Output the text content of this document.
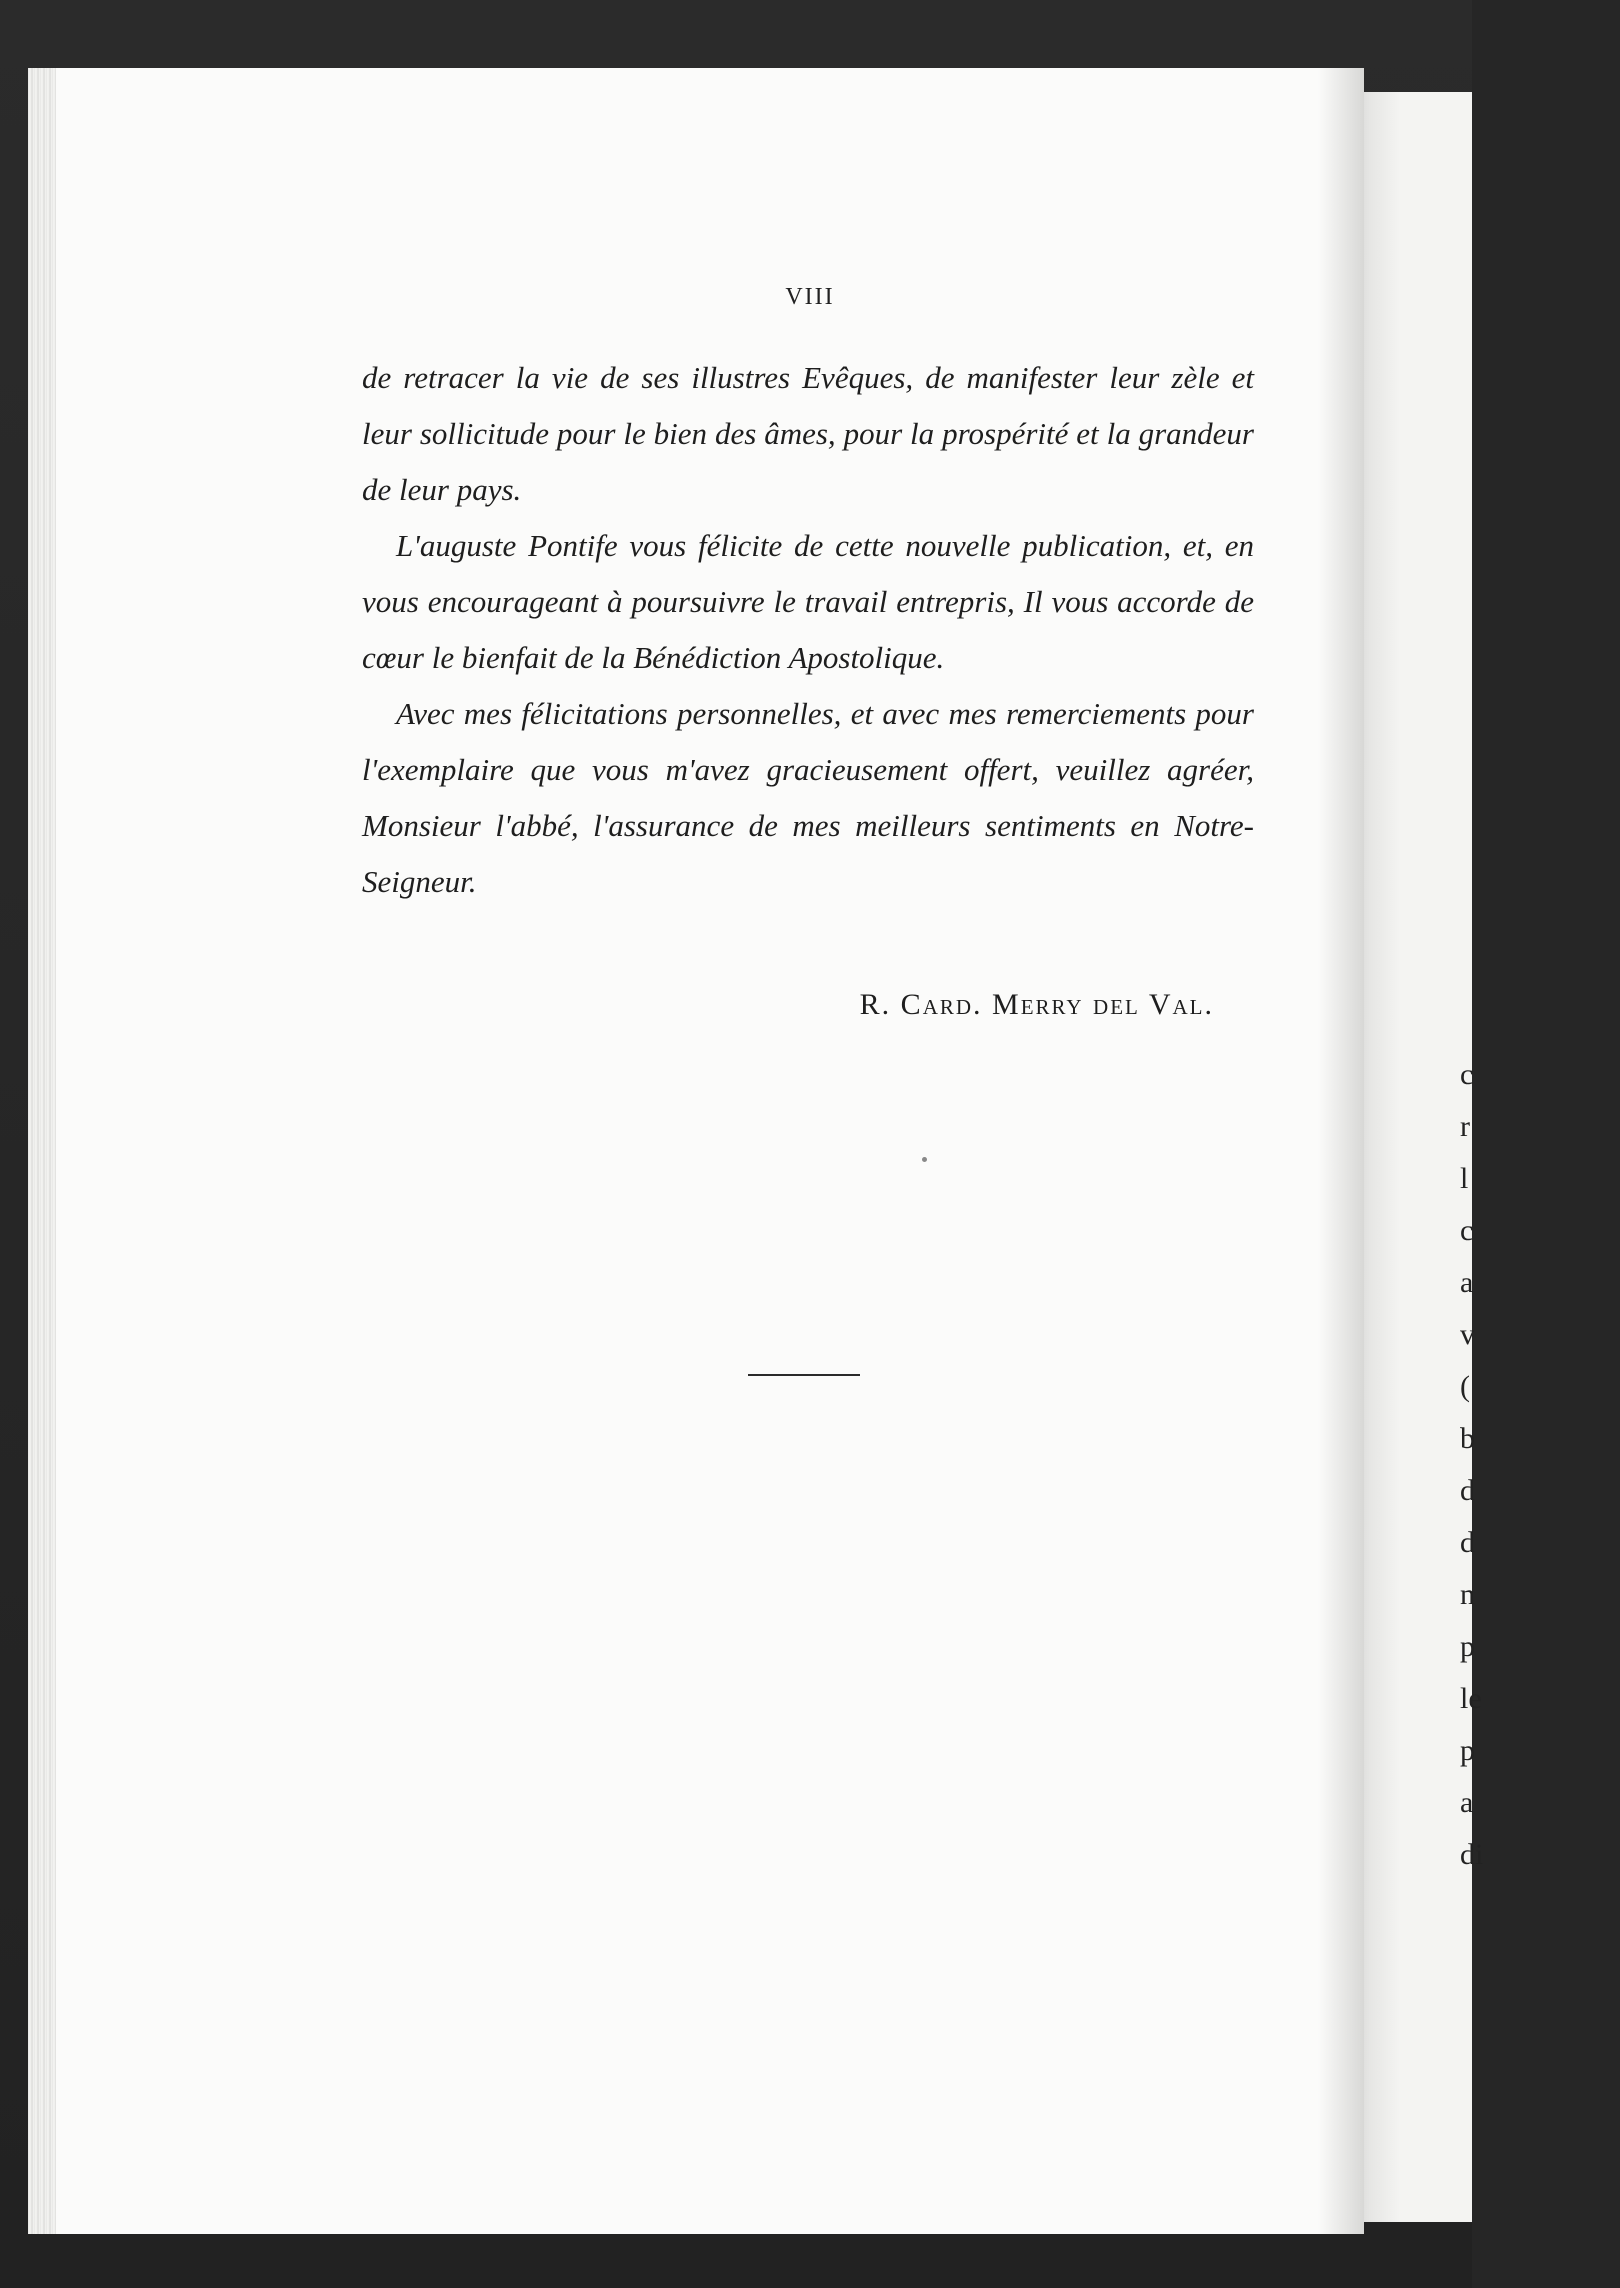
c
r
l
c
a
v
(
b
d
d
n
p
le
p
a
di
VIII

de retracer la vie de ses illustres Evêques, de manifester leur zèle et leur sollicitude pour le bien des âmes, pour la prospérité et la grandeur de leur pays.

L'auguste Pontife vous félicite de cette nouvelle publication, et, en vous encourageant à poursuivre le travail entrepris, Il vous accorde de cœur le bienfait de la Bénédiction Apostolique.

Avec mes félicitations personnelles, et avec mes remerciements pour l'exemplaire que vous m'avez gracieusement offert, veuillez agréer, Monsieur l'abbé, l'assurance de mes meilleurs sentiments en Notre-Seigneur.

R. Card. Merry del Val.
